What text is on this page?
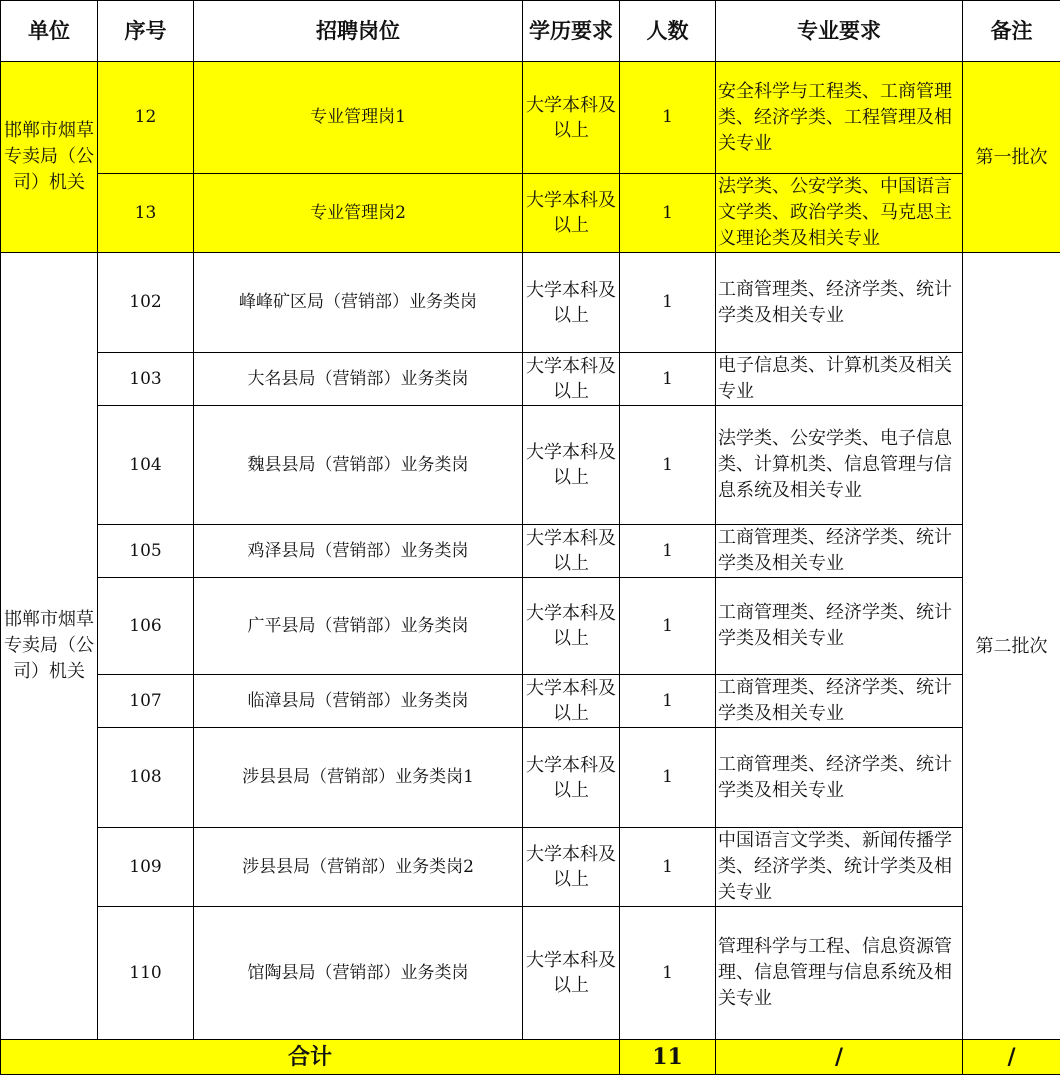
单位	序号	招聘岗位	学历要求	人数	专业要求	备注
邯郸市烟草专卖局（公司）机关	12	专业管理岗1	大学本科及以上	1	安全科学与工程类、工商管理类、经济学类、工程管理及相关专业	第一批次
	13	专业管理岗2	大学本科及以上	1	法学类、公安学类、中国语言文学类、政治学类、马克思主义理论类及相关专业	
邯郸市烟草专卖局（公司）机关	102	峰峰矿区局（营销部）业务类岗	大学本科及以上	1	工商管理类、经济学类、统计学类及相关专业	第二批次
	103	大名县局（营销部）业务类岗	大学本科及以上	1	电子信息类、计算机类及相关专业	
	104	魏县县局（营销部）业务类岗	大学本科及以上	1	法学类、公安学类、电子信息类、计算机类、信息管理与信息系统及相关专业	
	105	鸡泽县局（营销部）业务类岗	大学本科及以上	1	工商管理类、经济学类、统计学类及相关专业	
	106	广平县局（营销部）业务类岗	大学本科及以上	1	工商管理类、经济学类、统计学类及相关专业	
	107	临漳县局（营销部）业务类岗	大学本科及以上	1	工商管理类、经济学类、统计学类及相关专业	
	108	涉县县局（营销部）业务类岗1	大学本科及以上	1	工商管理类、经济学类、统计学类及相关专业	
	109	涉县县局（营销部）业务类岗2	大学本科及以上	1	中国语言文学类、新闻传播学类、经济学类、统计学类及相关专业	
	110	馆陶县局（营销部）业务类岗	大学本科及以上	1	管理科学与工程、信息资源管理、信息管理与信息系统及相关专业	
合计				11	/	/
